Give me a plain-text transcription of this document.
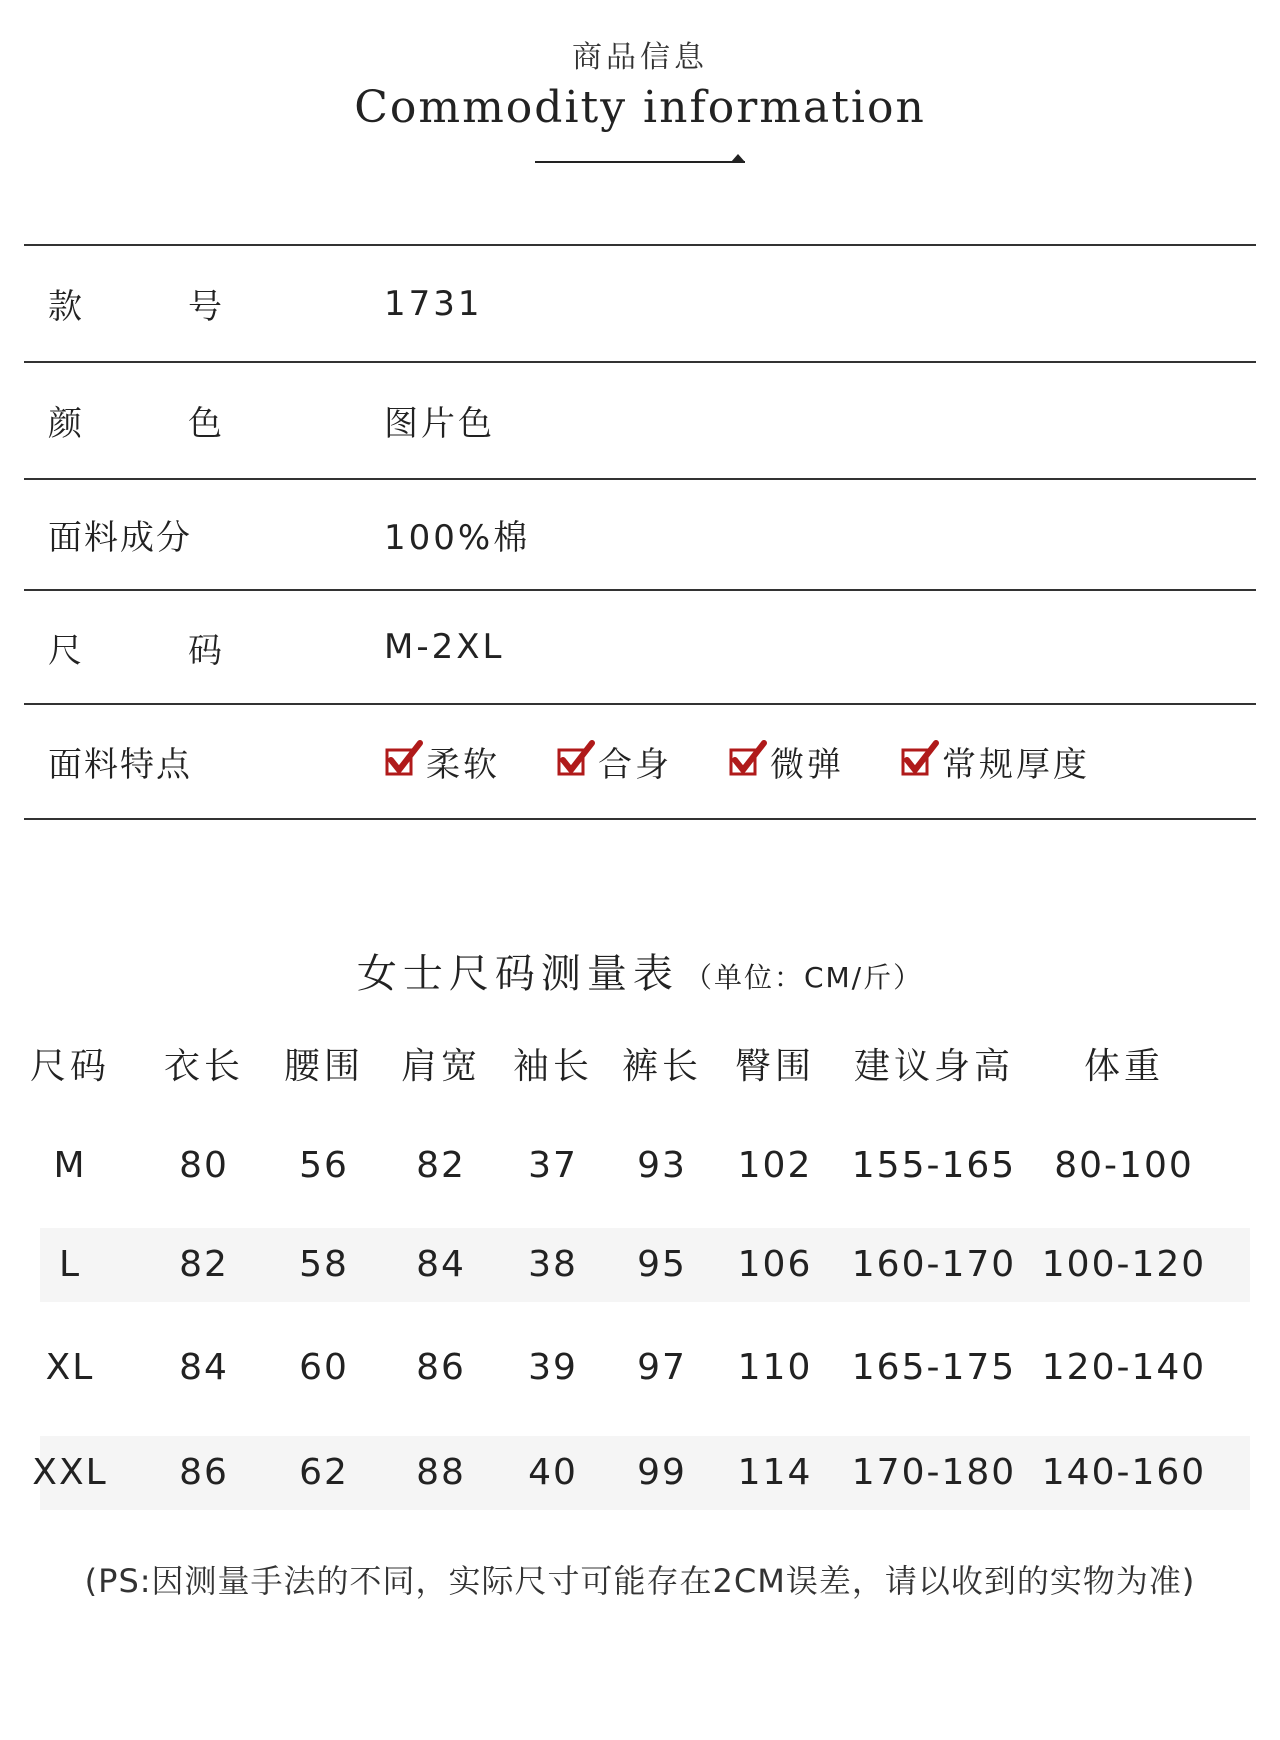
商品信息
Commodity information
款	号	1731
颜	色	图片色
面料成分	100%棉
尺	码	M-2XL
面料特点	柔软	合身	微弹	常规厚度
女士尺码测量表 （单位：CM/斤）
尺码	衣长	腰围	肩宽 袖长 裤长 臀围	建议身高	体重
M	80	56	82	37	93	102	155-165	80-100
L	82	58	84	38	95	106	160-170 100-120
XL	84	60	86	39	97	110	165-175 120-140
XXL	86	62	88	40	99	114	170-180 140-160
(PS:因测量手法的不同，实际尺寸可能存在2CM误差，请以收到的实物为准)
